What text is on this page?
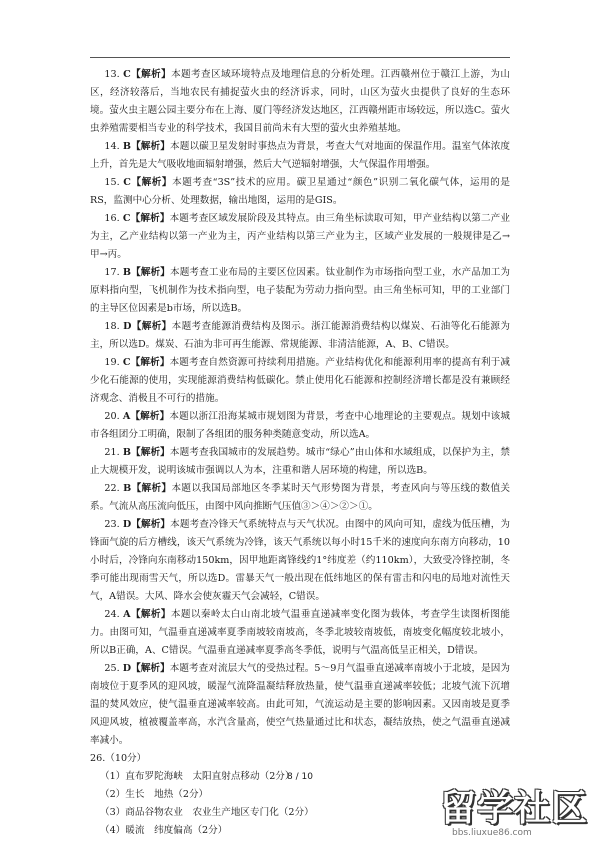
13. C【解析】本题考查区域环境特点及地理信息的分析处理。江西赣州位于赣江上游，为山区，经济较落后，当地农民有捕捉萤火虫的经济诉求，同时，山区为萤火虫提供了良好的生态环境。萤火虫主题公园主要分布在上海、厦门等经济发达地区，江西赣州距市场较远，所以选C。萤火虫养殖需要相当专业的科学技术，我国目前尚未有大型的萤火虫养殖基地。

14. B【解析】本题以碳卫星发射时事热点为背景，考查大气对地面的保温作用。温室气体浓度上升，首先是大气吸收地面辐射增强，然后大气逆辐射增强，大气保温作用增强。

15. C【解析】本题考查“3S”技术的应用。碳卫星通过“颜色”识别二氧化碳气体，运用的是RS，监测中心分析、处理数据，输出地图，运用的是GIS。

16. C【解析】本题考查区域发展阶段及其特点。由三角坐标读取可知，甲产业结构以第二产业为主，乙产业结构以第一产业为主，丙产业结构以第三产业为主，区域产业发展的一般规律是乙→甲→丙。

17. B【解析】本题考查工业布局的主要区位因素。钛业制作为市场指向型工业，水产品加工为原料指向型，飞机制作为技术指向型，电子装配为劳动力指向型。由三角坐标可知，甲的工业部门的主导区位因素是b市场，所以选B。

18. D【解析】本题考查能源消费结构及图示。浙江能源消费结构以煤炭、石油等化石能源为主，所以选D。煤炭、石油为非可再生能源、常规能源、非清洁能源，A、B、C错误。

19. C【解析】本题考查自然资源可持续利用措施。产业结构优化和能源利用率的提高有利于减少化石能源的使用，实现能源消费结构低碳化。禁止使用化石能源和控制经济增长都是没有兼顾经济观念、消极且不可行的措施。

20. A【解析】本题以浙江沿海某城市规划图为背景，考查中心地理论的主要观点。规划中该城市各组团分工明确，限制了各组团的服务种类随意变动，所以选A。

21. B【解析】本题考查我国城市的发展趋势。城市“绿心”由山体和水域组成，以保护为主，禁止大规模开发，说明该城市强调以人为本，注重和谐人居环境的构建，所以选B。

22. B【解析】本题以我国局部地区冬季某时天气形势图为背景，考查风向与等压线的数值关系。气流从高压流向低压，由图中风向推断气压值③＞④＞②＞①。

23. D【解析】本题考查冷锋天气系统特点与天气状况。由图中的风向可知，虚线为低压槽，为锋面气旋的后方槽线，该天气系统为冷锋，该天气系统以每小时15千米的速度向东南方向移动，10小时后，冷锋向东南移动150km，因甲地距离锋线约1°纬度差（约110km），大致受冷锋控制，冬季可能出现雨雪天气，所以选D。雷暴天气一般出现在低纬地区的保有雷击和闪电的局地对流性天气，A错误。大风、降水会使灰霾天气会减轻，C错误。

24. A【解析】本题以秦岭太白山南北坡气温垂直递减率变化图为载体，考查学生读图析图能力。由图可知，气温垂直递减率夏季南坡较南坡高，冬季北坡较南坡低，南坡变化幅度较北坡小，所以B正确，A、C错误。气温垂直递减率夏季高冬季低，说明与气温高低呈正相关，D错误。

25. D【解析】本题考查对流层大气的受热过程。5～9月气温垂直递减率南坡小于北坡，是因为南坡位于夏季风的迎风坡，暖湿气流降温凝结释放热量，使气温垂直递减率较低；北坡气流下沉增温的焚风效应，使气温垂直递减率较高。由此可知，气流运动是主要的影响因素。又因南坡是夏季风迎风坡，植被覆盖率高，水汽含量高，使空气热量通过比和状态，凝结放热，使之气温垂直递减率减小。

26.（10分）

（1）直布罗陀海峡　太阳直射点移动（2分）

（2）生长　地热（2分）

（3）商品谷物农业　农业生产地区专门化（2分）

（4）暖流　纬度偏高（2分）

8 / 10
留学社区
bbs.liuxue86.com
